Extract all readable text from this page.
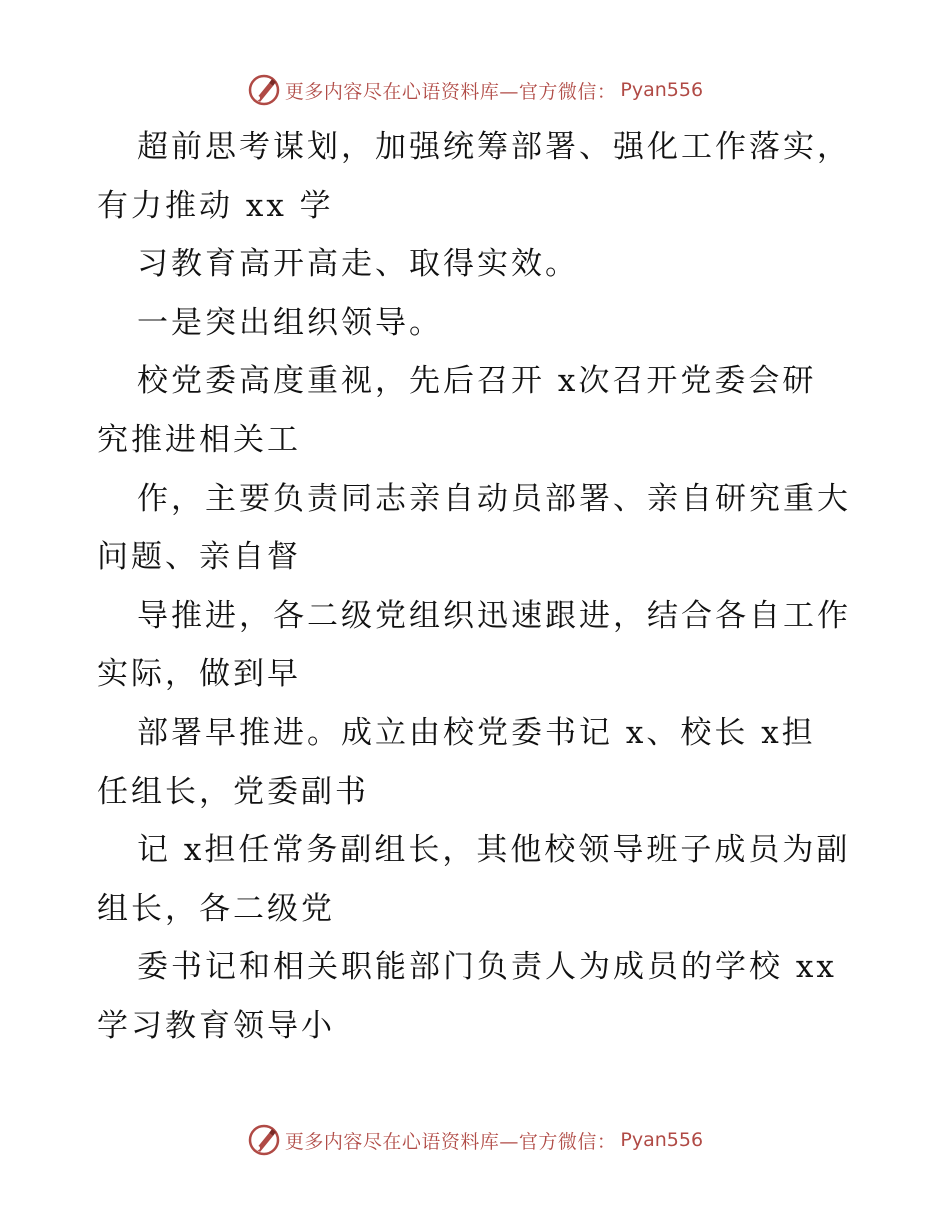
更多内容尽在心语资料库—官方微信： Pyan556
超前思考谋划，加强统筹部署、强化工作落实，
有力推动 xx 学
习教育高开高走、取得实效。
一是突出组织领导。
校党委高度重视，先后召开 x次召开党委会研
究推进相关工
作，主要负责同志亲自动员部署、亲自研究重大
问题、亲自督
导推进，各二级党组织迅速跟进，结合各自工作
实际，做到早
部署早推进。成立由校党委书记 x、校长 x担
任组长，党委副书
记 x担任常务副组长，其他校领导班子成员为副
组长，各二级党
委书记和相关职能部门负责人为成员的学校 xx
学习教育领导小
更多内容尽在心语资料库—官方微信： Pyan556
